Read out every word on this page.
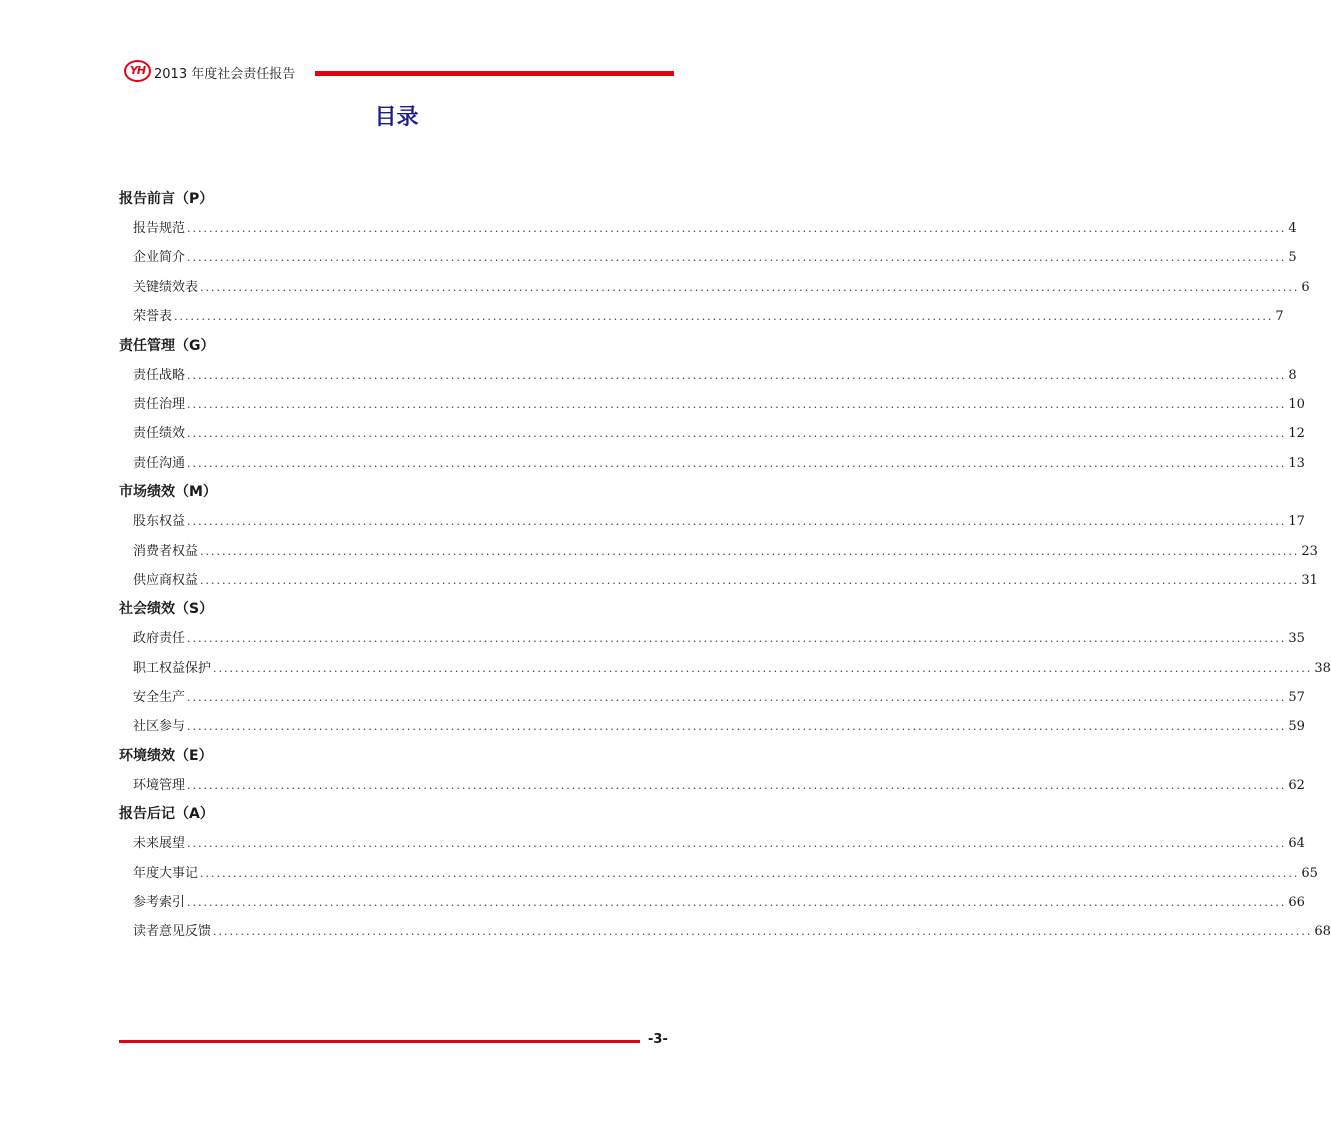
YH 2013 年度社会责任报告
目录
报告前言（P）
报告规范 ........................................................................................................................................................................................................ 4
企业简介 ........................................................................................................................................................................................................ 5
关键绩效表 ........................................................................................................................................................................................................ 6
荣誉表 ........................................................................................................................................................................................................ 7
责任管理（G）
责任战略 ........................................................................................................................................................................................................ 8
责任治理 ........................................................................................................................................................................................................ 10
责任绩效 ........................................................................................................................................................................................................ 12
责任沟通 ........................................................................................................................................................................................................ 13
市场绩效（M）
股东权益 ........................................................................................................................................................................................................ 17
消费者权益 ........................................................................................................................................................................................................ 23
供应商权益 ........................................................................................................................................................................................................ 31
社会绩效（S）
政府责任 ........................................................................................................................................................................................................ 35
职工权益保护 ........................................................................................................................................................................................................ 38
安全生产 ........................................................................................................................................................................................................ 57
社区参与 ........................................................................................................................................................................................................ 59
环境绩效（E）
环境管理 ........................................................................................................................................................................................................ 62
报告后记（A）
未来展望 ........................................................................................................................................................................................................ 64
年度大事记 ........................................................................................................................................................................................................ 65
参考索引 ........................................................................................................................................................................................................ 66
读者意见反馈 ........................................................................................................................................................................................................ 68
-3-
